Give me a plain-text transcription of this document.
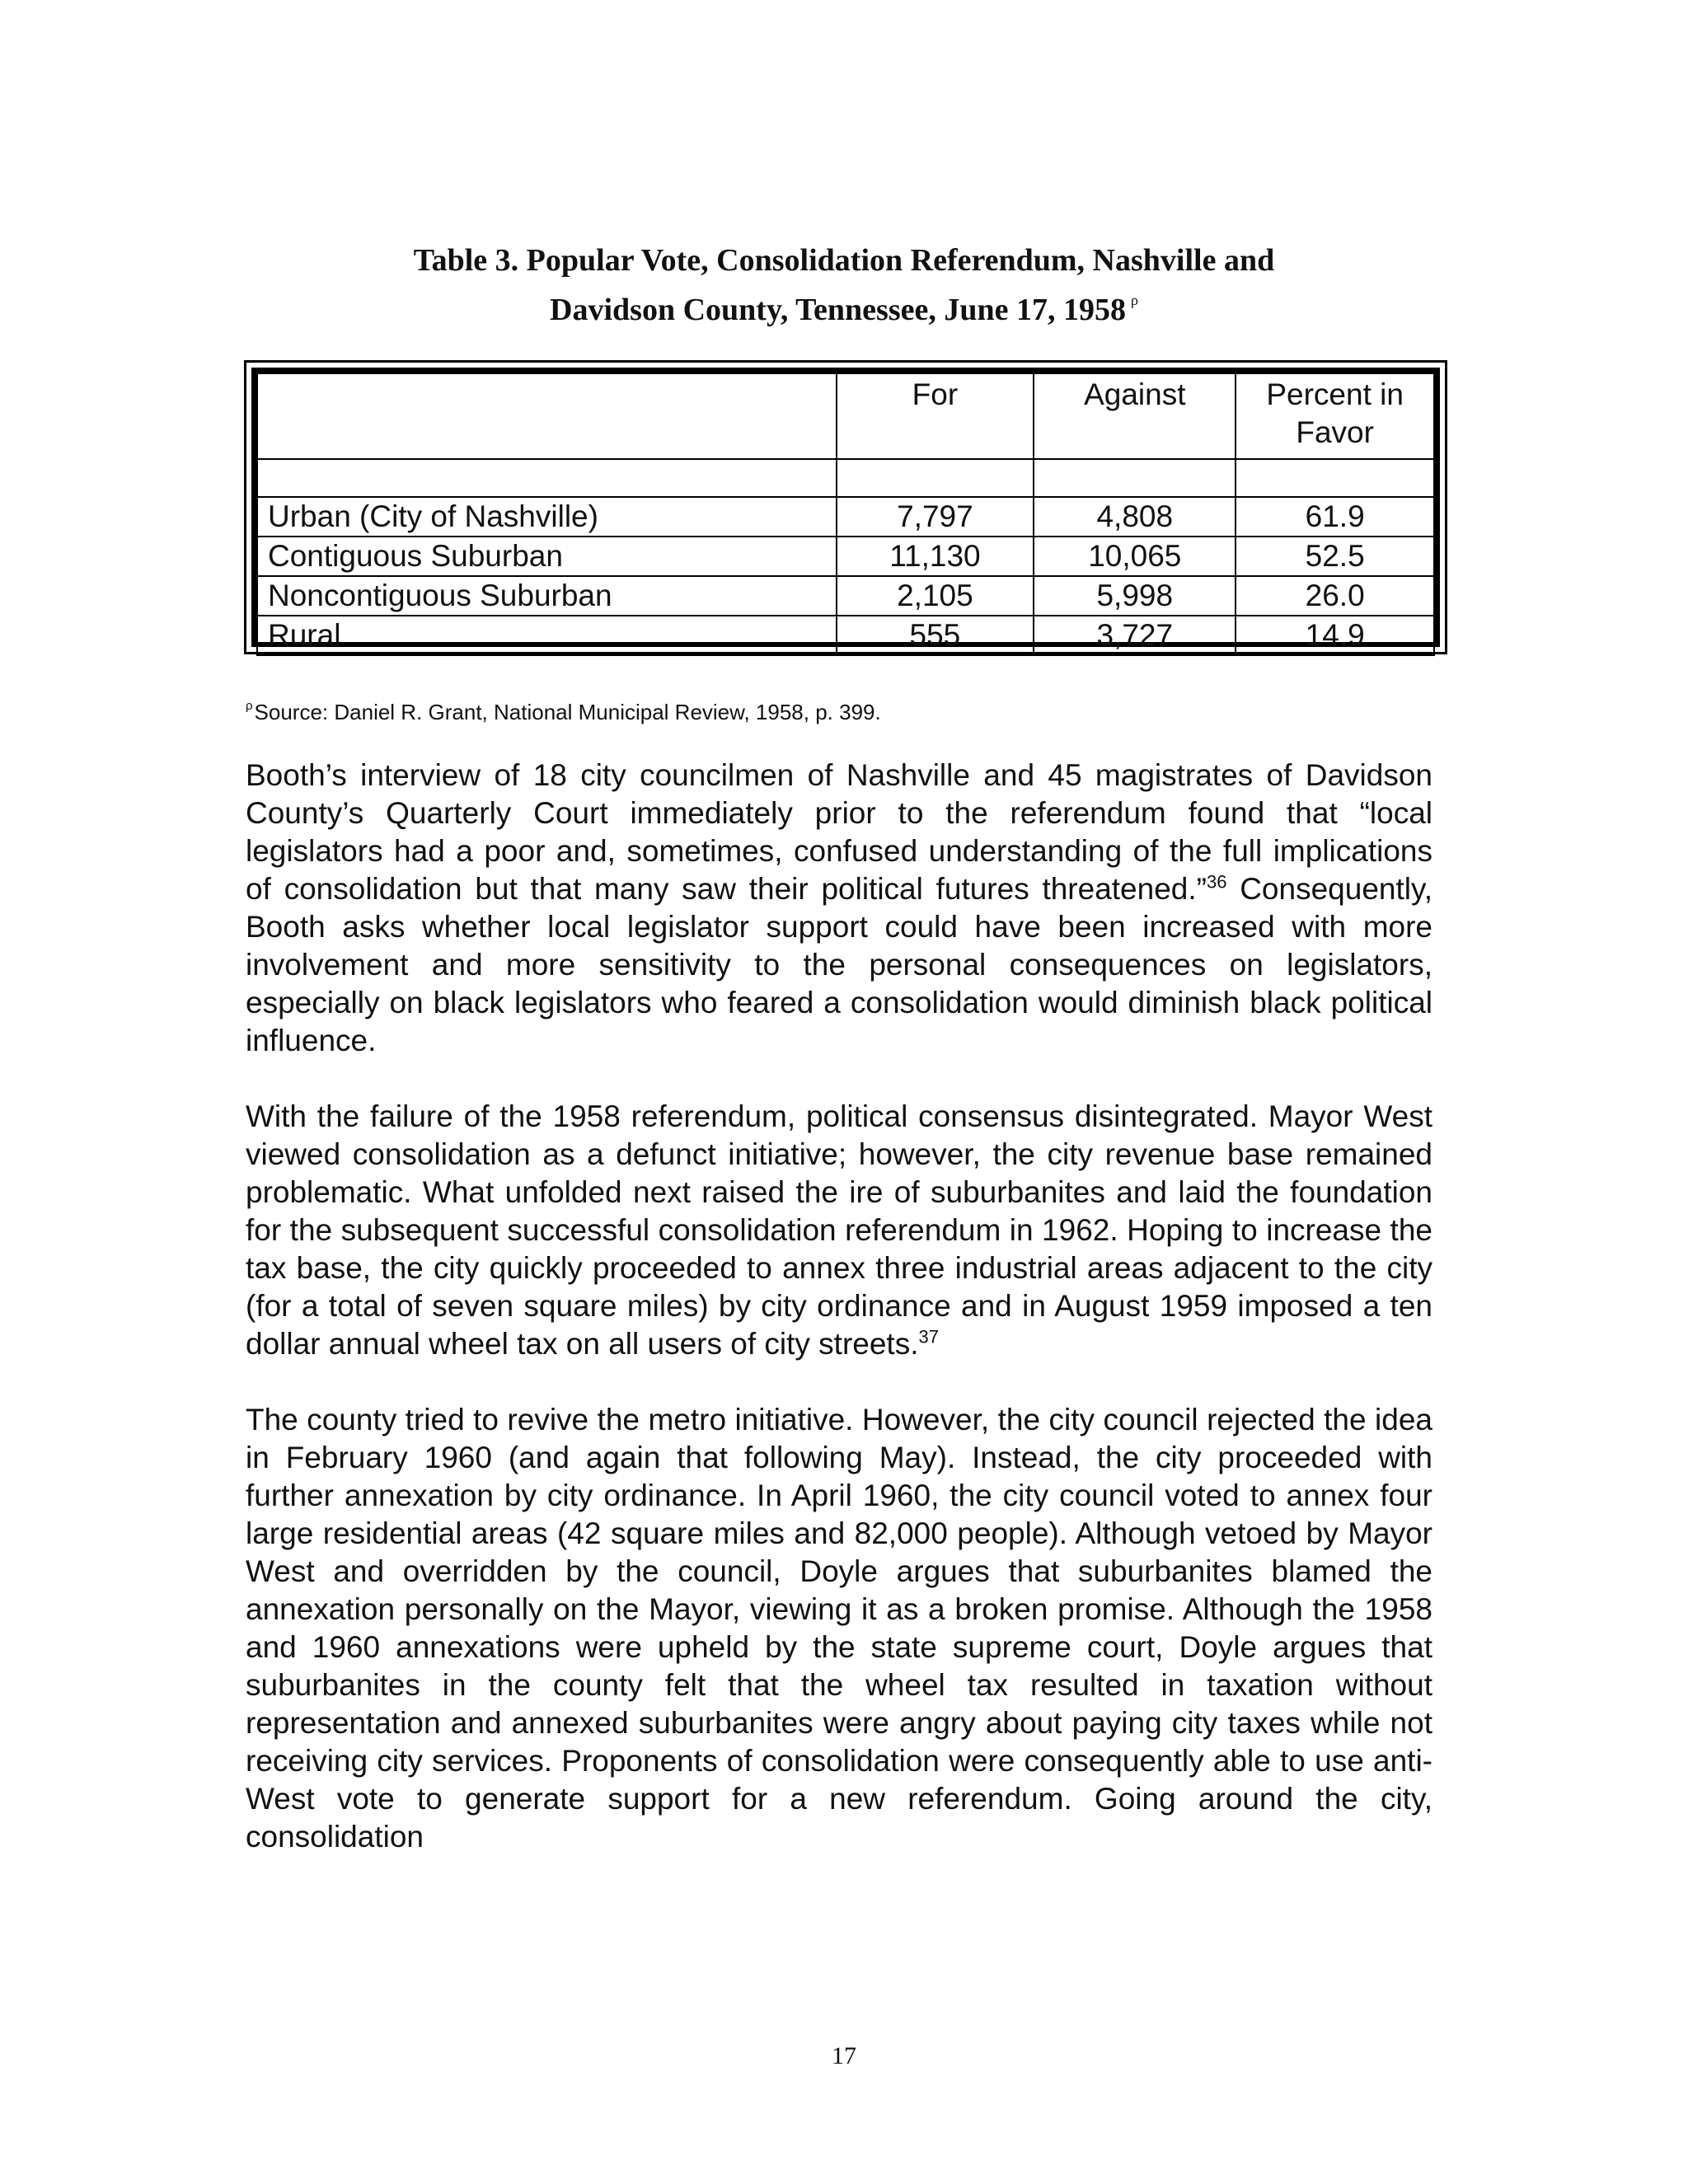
Table 3. Popular Vote, Consolidation Referendum, Nashville and
Davidson County, Tennessee, June 17, 1958 $^\rho$
	For	Against	Percent in Favor

Urban (City of Nashville)	7,797	4,808	61.9
Contiguous Suburban	11,130	10,065	52.5
Noncontiguous Suburban	2,105	5,998	26.0
Rural	555	3,727	14.9
$^\rho$Source: Daniel R. Grant, National Municipal Review, 1958, p. 399.

Booth’s interview of 18 city councilmen of Nashville and 45 magistrates of Davidson County’s Quarterly Court immediately prior to the referendum found that “local legislators had a poor and, sometimes, confused understanding of the full implications of consolidation but that many saw their political futures threatened.”$^{36}$ Consequently, Booth asks whether local legislator support could have been increased with more involvement and more sensitivity to the personal consequences on legislators, especially on black legislators who feared a consolidation would diminish black political influence.

With the failure of the 1958 referendum, political consensus disintegrated. Mayor West viewed consolidation as a defunct initiative; however, the city revenue base remained problematic. What unfolded next raised the ire of suburbanites and laid the foundation for the subsequent successful consolidation referendum in 1962. Hoping to increase the tax base, the city quickly proceeded to annex three industrial areas adjacent to the city (for a total of seven square miles) by city ordinance and in August 1959 imposed a ten dollar annual wheel tax on all users of city streets.$^{37}$

The county tried to revive the metro initiative. However, the city council rejected the idea in February 1960 (and again that following May). Instead, the city proceeded with further annexation by city ordinance. In April 1960, the city council voted to annex four large residential areas (42 square miles and 82,000 people). Although vetoed by Mayor West and overridden by the council, Doyle argues that suburbanites blamed the annexation personally on the Mayor, viewing it as a broken promise. Although the 1958 and 1960 annexations were upheld by the state supreme court, Doyle argues that suburbanites in the county felt that the wheel tax resulted in taxation without representation and annexed suburbanites were angry about paying city taxes while not receiving city services. Proponents of consolidation were consequently able to use anti-West vote to generate support for a new referendum. Going around the city, consolidation

17
